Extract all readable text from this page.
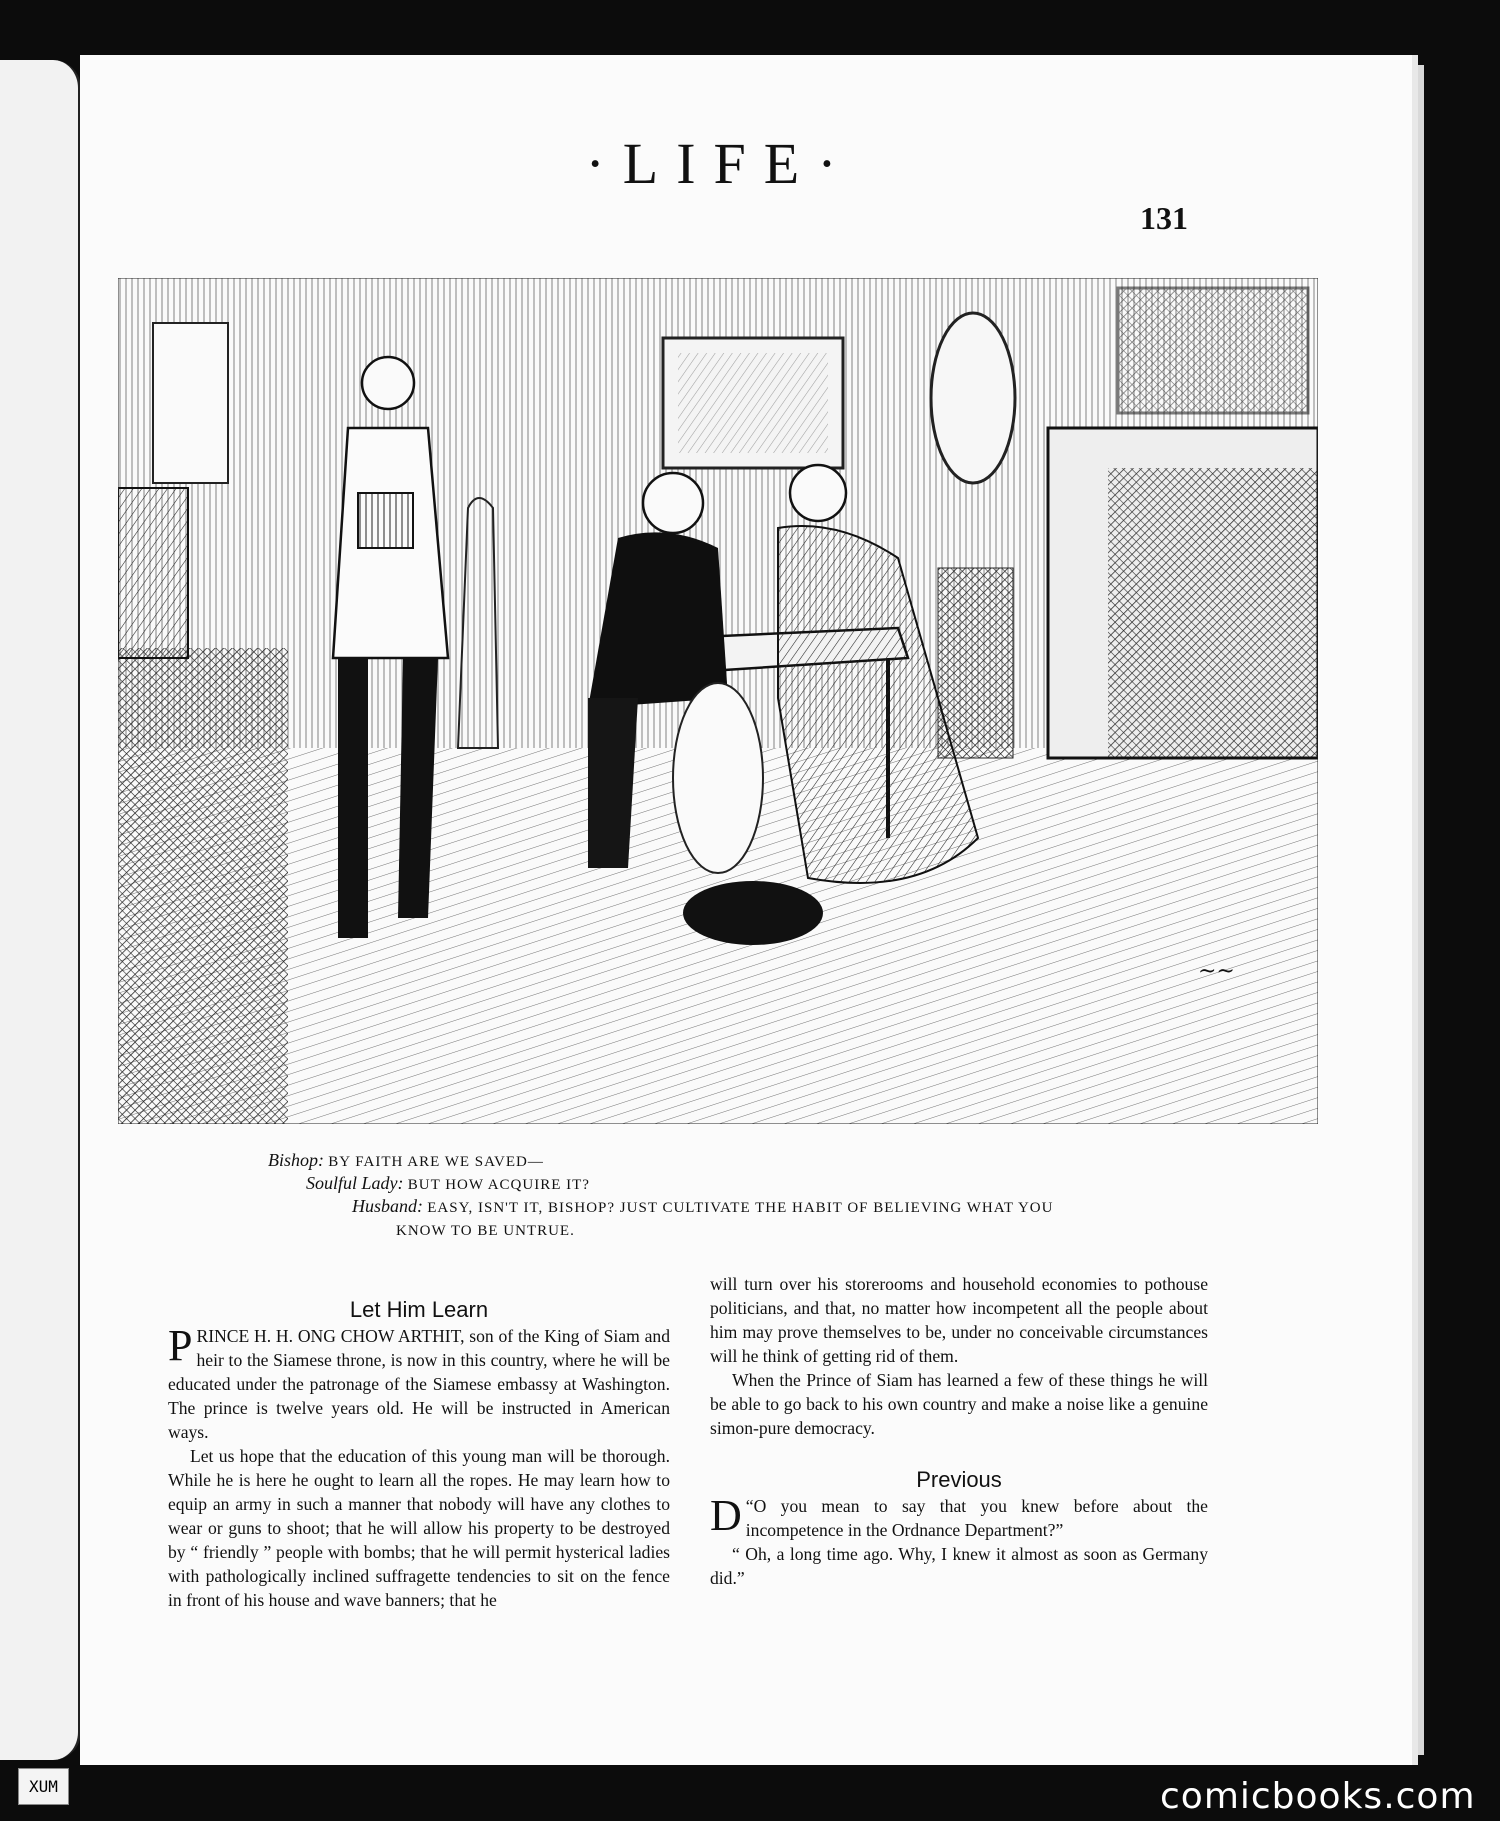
·LIFE·
131
~~
Bishop: BY FAITH ARE WE SAVED—
Soulful Lady: BUT HOW ACQUIRE IT?
Husband: EASY, ISN'T IT, BISHOP? JUST CULTIVATE THE HABIT OF BELIEVING WHAT YOU
KNOW TO BE UNTRUE.
Let Him Learn

PRINCE H. H. ONG CHOW ARTHIT, son of the King of Siam and heir to the Siamese throne, is now in this country, where he will be educated under the patronage of the Siamese embassy at Washington. The prince is twelve years old. He will be instructed in American ways.

Let us hope that the education of this young man will be thorough. While he is here he ought to learn all the ropes. He may learn how to equip an army in such a manner that nobody will have any clothes to wear or guns to shoot; that he will allow his property to be destroyed by “ friendly ” people with bombs; that he will permit hysterical ladies with pathologically inclined suffragette tendencies to sit on the fence in front of his house and wave banners; that he

will turn over his storerooms and household economies to pothouse politicians, and that, no matter how incompetent all the people about him may prove themselves to be, under no conceivable circumstances will he think of getting rid of them.

When the Prince of Siam has learned a few of these things he will be able to go back to his own country and make a noise like a genuine simon-pure democracy.

Previous

“
D O you mean to say that you knew before about the incompetence in the Ordnance Department?”

“ Oh, a long time ago. Why, I knew it almost as soon as Germany did.”

XUM	comicbooks.com
